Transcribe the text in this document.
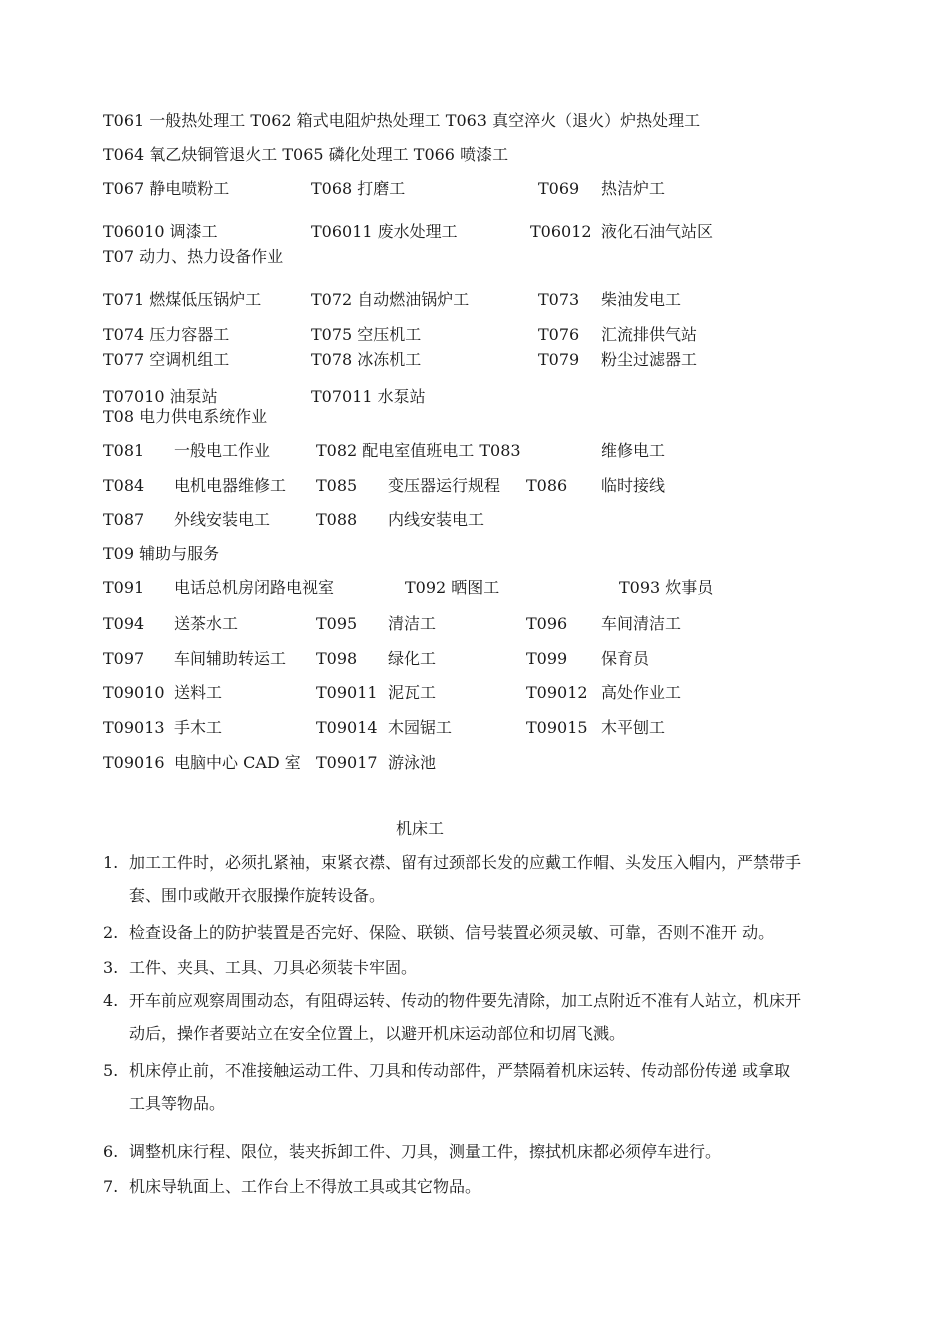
T061 一般热处理工 T062 箱式电阻炉热处理工 T063 真空淬火（退火）炉热处理工
T064 氧乙炔铜管退火工 T065 磷化处理工 T066 喷漆工
T067 静电喷粉工	T068 打磨工	T069 热洁炉工
T06010 调漆工	T06011 废水处理工	T06012 液化石油气站区
T07 动力、热力设备作业
T071 燃煤低压锅炉工	T072 自动燃油锅炉工	T073 柴油发电工
T074 压力容器工	T075 空压机工	T076 汇流排供气站
T077 空调机组工	T078 冰冻机工	T079 粉尘过滤器工
T07010 油泵站	T07011 水泵站
T08 电力供电系统作业
T081 一般电工作业	T082 配电室值班电工 T083	维修电工
T084 电机电器维修工 T085 变压器运行规程 T086 临时接线
T087 外线安装电工	T088 内线安装电工
T09 辅助与服务
T091 电话总机房闭路电视室	T092 晒图工	T093 炊事员
T094 送茶水工	T095 清洁工	T096 车间清洁工
T097 车间辅助转运工 T098 绿化工	T099 保育员
T09010 送料工	T09011 泥瓦工	T09012 高处作业工
T09013 手木工	T09014 木园锯工	T09015 木平刨工
T09016 电脑中心 CAD 室 T09017 游泳池
机床工
1. 加工工件时，必须扎紧袖，束紧衣襟、留有过颈部长发的应戴工作帽、头发压入帽内，严禁带手
套、围巾或敞开衣服操作旋转设备。
2. 检查设备上的防护装置是否完好、保险、联锁、信号装置必须灵敏、可靠，否则不准开 动。
3. 工件、夹具、工具、刀具必须装卡牢固。
4. 开车前应观察周围动态，有阻碍运转、传动的物件要先清除，加工点附近不准有人站立，机床开
动后，操作者要站立在安全位置上，以避开机床运动部位和切屑飞溅。
5. 机床停止前，不准接触运动工件、刀具和传动部件，严禁隔着机床运转、传动部份传递 或拿取
工具等物品。
6. 调整机床行程、限位，装夹拆卸工件、刀具，测量工件，擦拭机床都必须停车进行。
7. 机床导轨面上、工作台上不得放工具或其它物品。
